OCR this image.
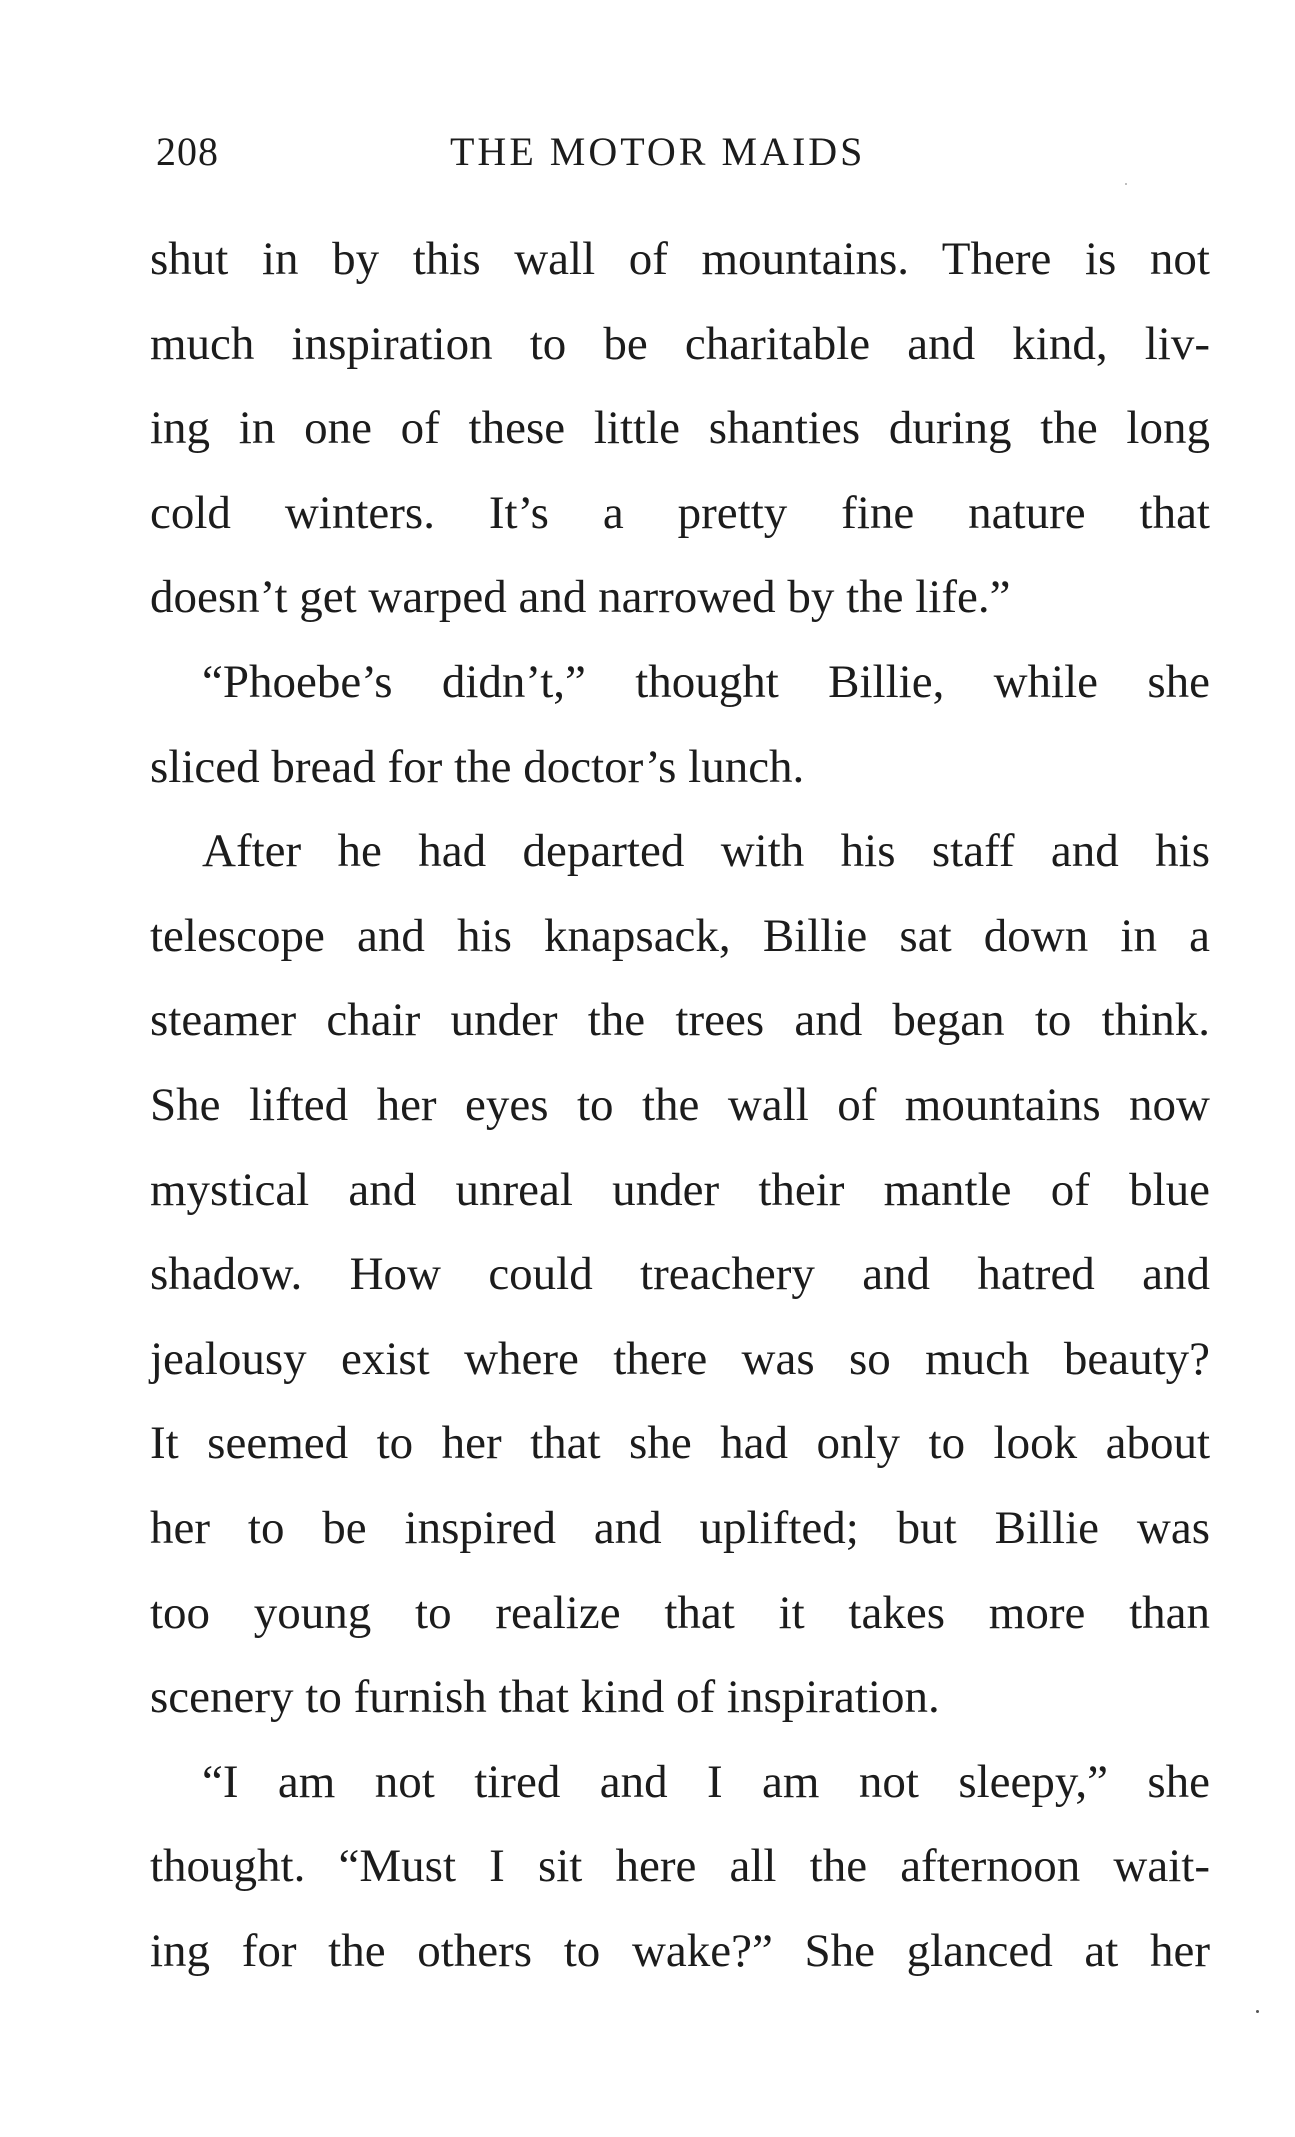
208	THE MOTOR MAIDS
shut in by this wall of mountains. There is not
much inspiration to be charitable and kind, liv-
ing in one of these little shanties during the long
cold winters. It’s a pretty fine nature that
doesn’t get warped and narrowed by the life.”
“Phoebe’s didn’t,” thought Billie, while she
sliced bread for the doctor’s lunch.
After he had departed with his staff and his
telescope and his knapsack, Billie sat down in a
steamer chair under the trees and began to think.
She lifted her eyes to the wall of mountains now
mystical and unreal under their mantle of blue
shadow. How could treachery and hatred and
jealousy exist where there was so much beauty?
It seemed to her that she had only to look about
her to be inspired and uplifted; but Billie was
too young to realize that it takes more than
scenery to furnish that kind of inspiration.
“I am not tired and I am not sleepy,” she
thought. “Must I sit here all the afternoon wait-
ing for the others to wake?” She glanced at her
